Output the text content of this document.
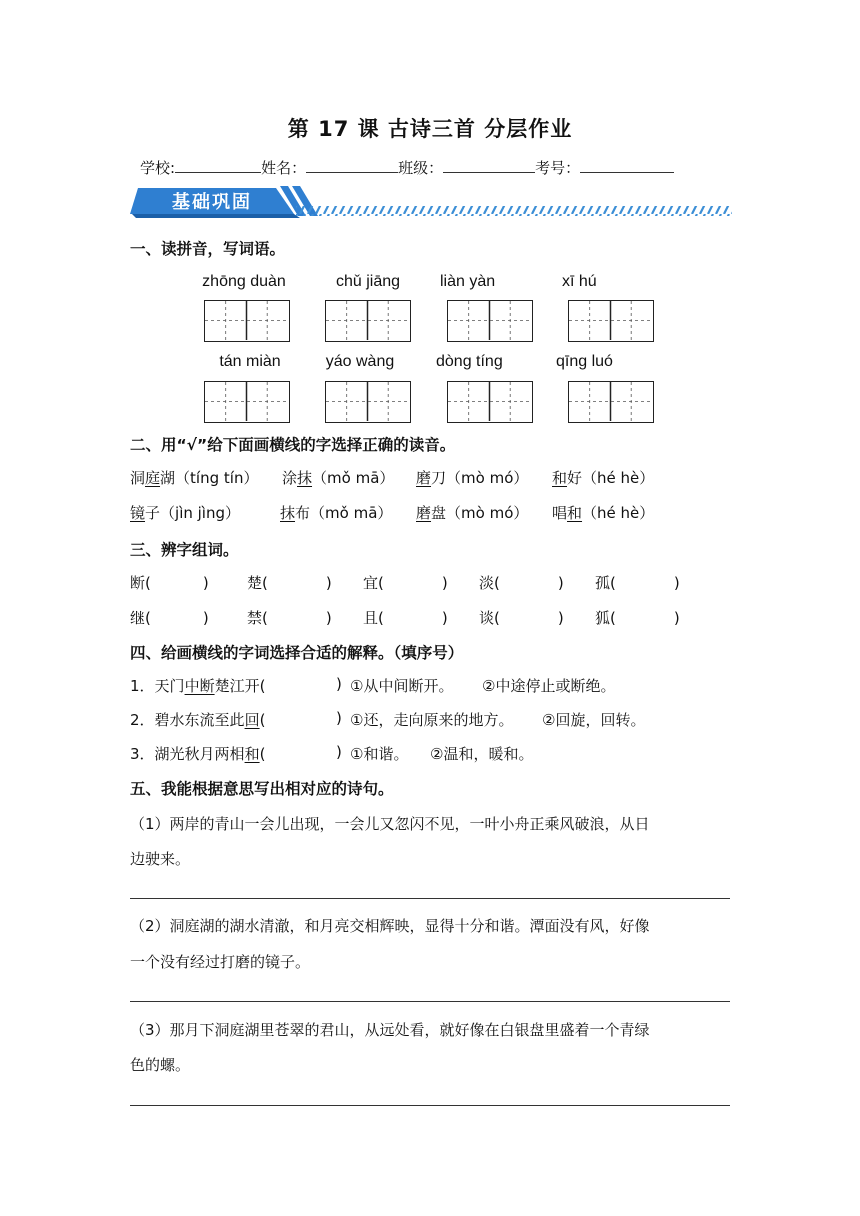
第 17 课 古诗三首 分层作业
学校:	姓名：	班级：	考号：
基础巩固
一、读拼音，写词语。
zhōng duàn	chǔ jiāng	liàn yàn	xī hú
tán miàn	yáo wàng	dòng tíng	qīng luó
二、用“√”给下面画横线的字选择正确的读音。
洞庭湖（tíng tín） 涂抹（mǒ mā） 磨刀（mò mó） 和好（hé hè）
镜子（jìn jìng）	抹布（mǒ mā） 磨盘（mò mó） 唱和（hé hè）
三、辨字组词。
断(	)	楚(	) 宜(	) 淡(	) 孤(	)
继(	)	禁(	) 且(	) 谈(	) 狐(	)
四、给画横线的字词选择合适的解释。（填序号）
1．天门中断楚江开(	) ①从中间断开。 ②中途停止或断绝。
2．碧水东流至此回(	) ①还，走向原来的地方。 ②回旋，回转。
3．湖光秋月两相和(	) ①和谐。 ②温和，暖和。
五、我能根据意思写出相对应的诗句。
（1）两岸的青山一会儿出现，一会儿又忽闪不见，一叶小舟正乘风破浪，从日
边驶来。
（2）洞庭湖的湖水清澈，和月亮交相辉映，显得十分和谐。潭面没有风，好像
一个没有经过打磨的镜子。
（3）那月下洞庭湖里苍翠的君山，从远处看，就好像在白银盘里盛着一个青绿
色的螺。
